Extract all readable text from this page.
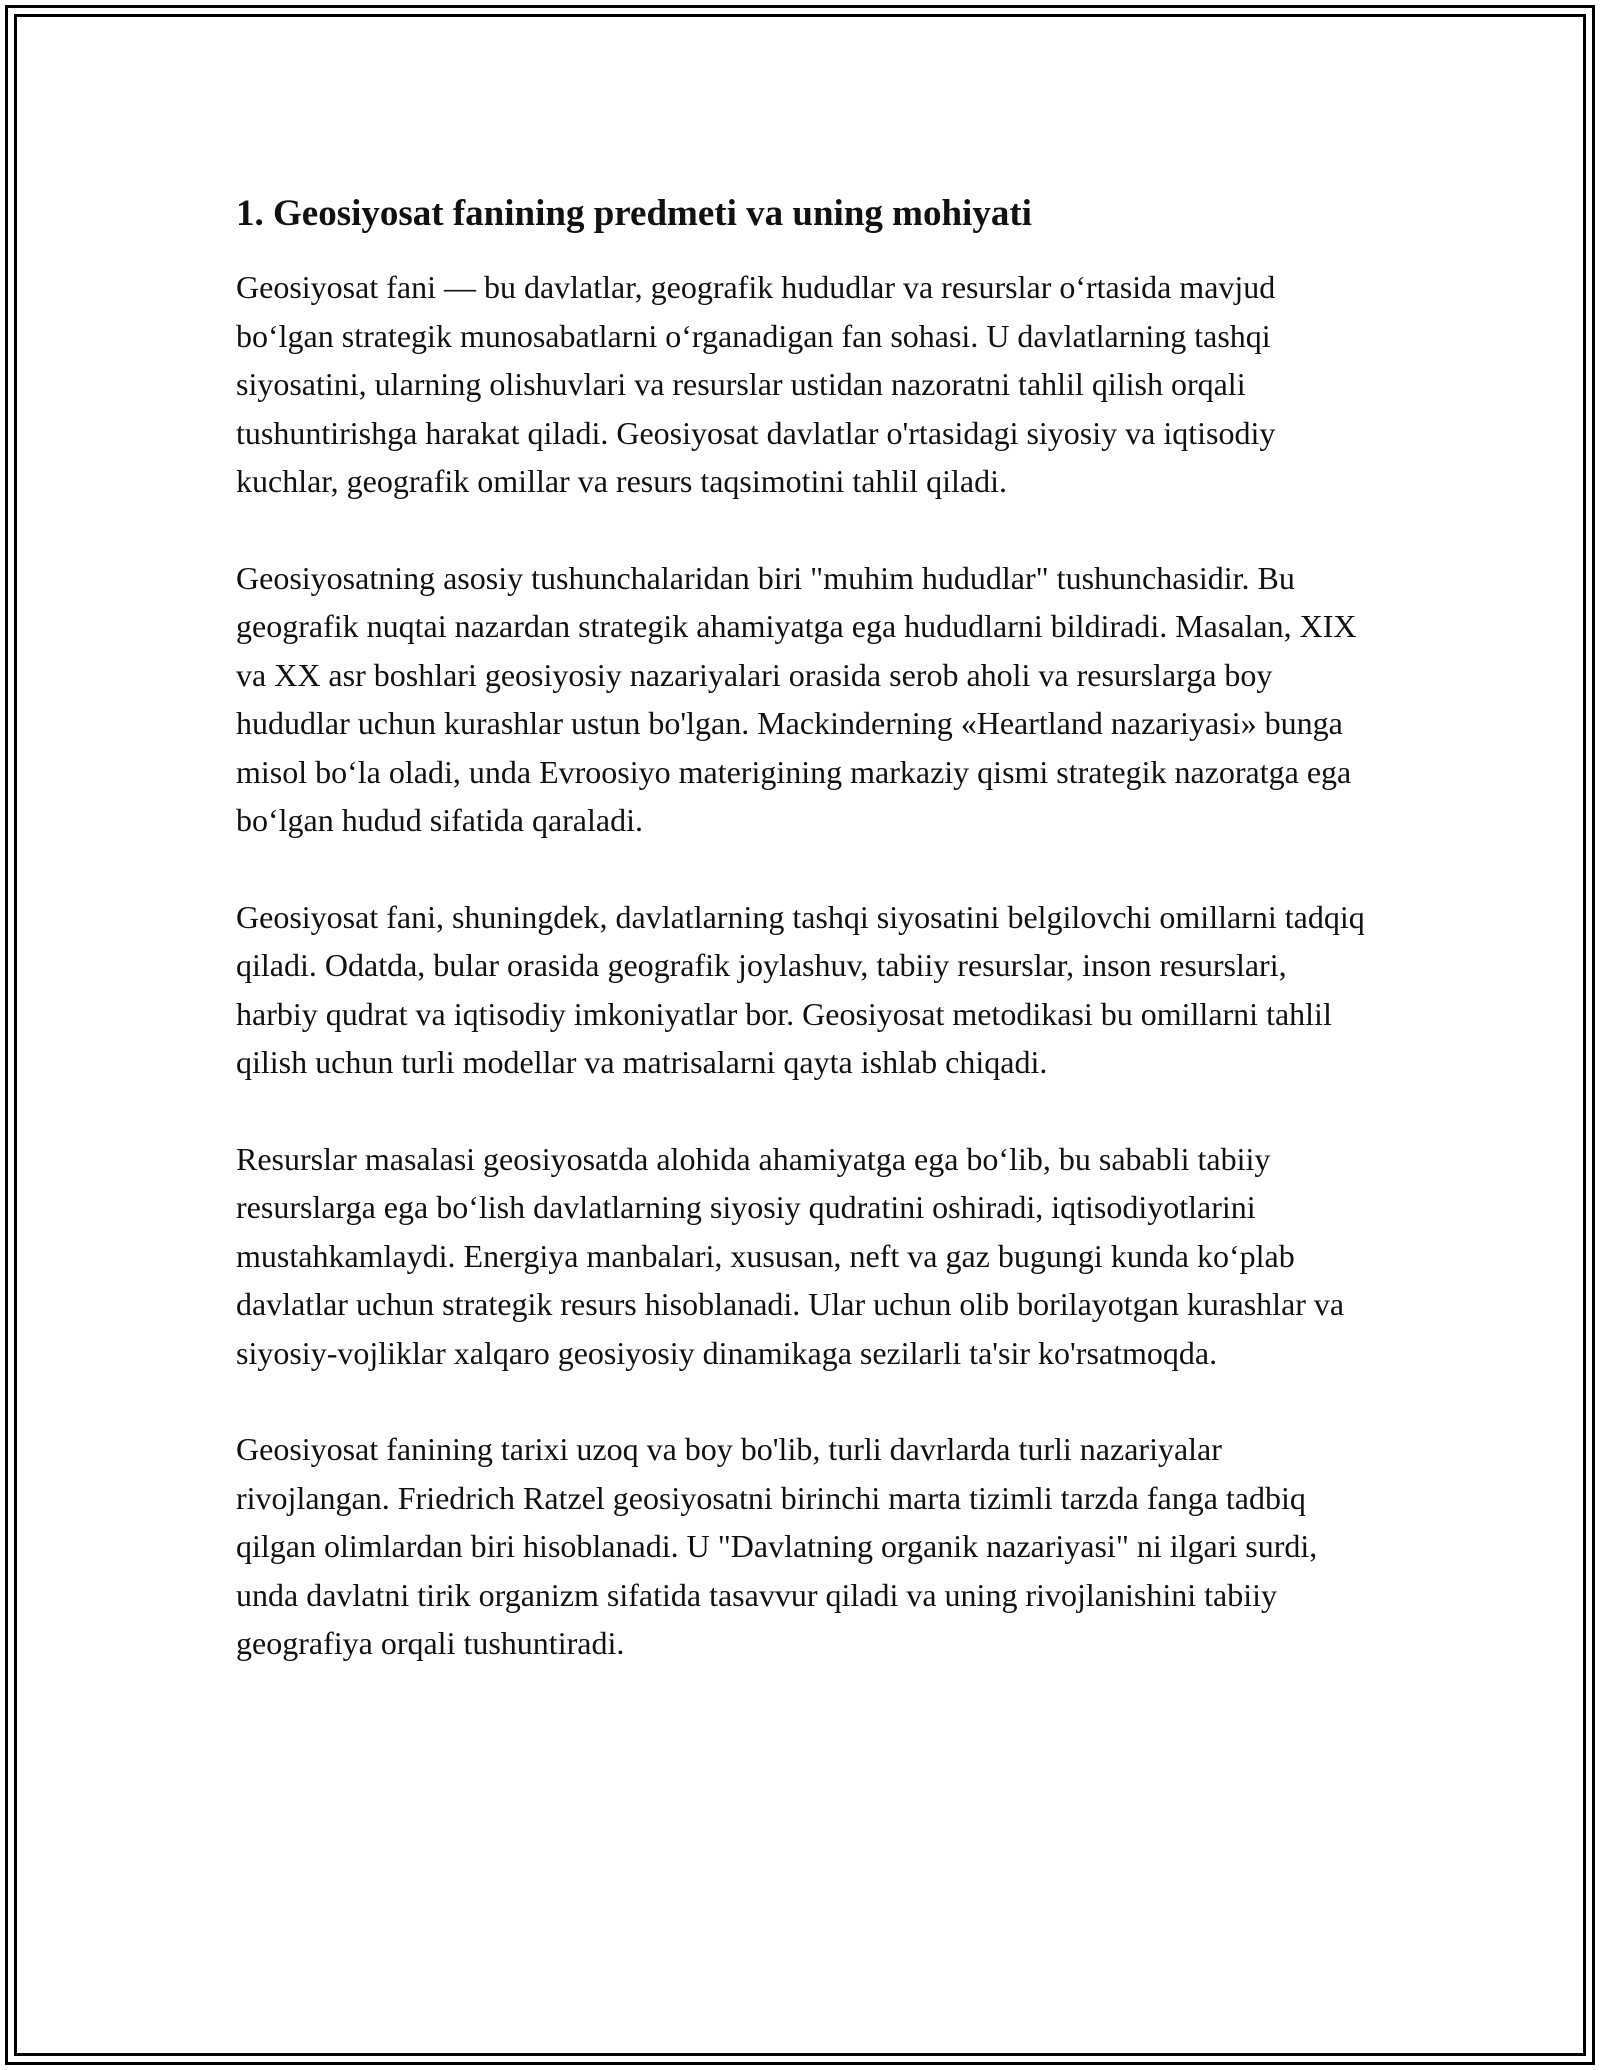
1. Geosiyosat fanining predmeti va uning mohiyati

Geosiyosat fani — bu davlatlar, geografik hududlar va resurslar oʻrtasida mavjud boʻlgan strategik munosabatlarni oʻrganadigan fan sohasi. U davlatlarning tashqi siyosatini, ularning olishuvlari va resurslar ustidan nazoratni tahlil qilish orqali tushuntirishga harakat qiladi. Geosiyosat davlatlar o'rtasidagi siyosiy va iqtisodiy kuchlar, geografik omillar va resurs taqsimotini tahlil qiladi.

Geosiyosatning asosiy tushunchalaridan biri "muhim hududlar" tushunchasidir. Bu geografik nuqtai nazardan strategik ahamiyatga ega hududlarni bildiradi. Masalan, XIX va XX asr boshlari geosiyosiy nazariyalari orasida serob aholi va resurslarga boy hududlar uchun kurashlar ustun bo'lgan. Mackinderning «Heartland nazariyasi» bunga misol boʻla oladi, unda Evroosiyo materigining markaziy qismi strategik nazoratga ega boʻlgan hudud sifatida qaraladi.

Geosiyosat fani, shuningdek, davlatlarning tashqi siyosatini belgilovchi omillarni tadqiq qiladi. Odatda, bular orasida geografik joylashuv, tabiiy resurslar, inson resurslari, harbiy qudrat va iqtisodiy imkoniyatlar bor. Geosiyosat metodikasi bu omillarni tahlil qilish uchun turli modellar va matrisalarni qayta ishlab chiqadi.

Resurslar masalasi geosiyosatda alohida ahamiyatga ega boʻlib, bu sababli tabiiy resurslarga ega boʻlish davlatlarning siyosiy qudratini oshiradi, iqtisodiyotlarini mustahkamlaydi. Energiya manbalari, xususan, neft va gaz bugungi kunda koʻplab davlatlar uchun strategik resurs hisoblanadi. Ular uchun olib borilayotgan kurashlar va siyosiy-vojliklar xalqaro geosiyosiy dinamikaga sezilarli ta'sir ko'rsatmoqda.

Geosiyosat fanining tarixi uzoq va boy bo'lib, turli davrlarda turli nazariyalar rivojlangan. Friedrich Ratzel geosiyosatni birinchi marta tizimli tarzda fanga tadbiq qilgan olimlardan biri hisoblanadi. U "Davlatning organik nazariyasi" ni ilgari surdi, unda davlatni tirik organizm sifatida tasavvur qiladi va uning rivojlanishini tabiiy geografiya orqali tushuntiradi.
